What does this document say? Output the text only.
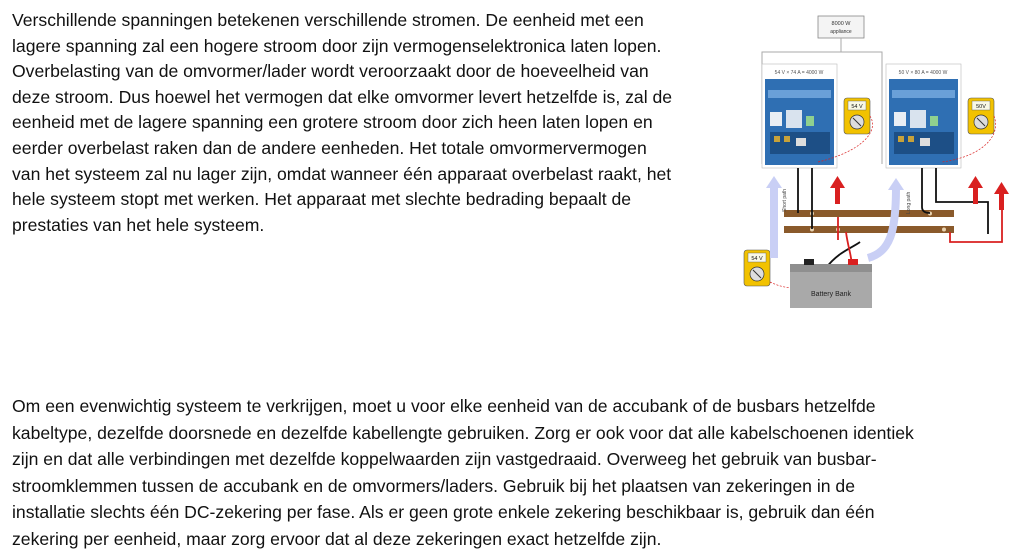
Verschillende spanningen betekenen verschillende stromen. De eenheid met een
lagere spanning zal een hogere stroom door zijn vermogenselektronica laten lopen.
Overbelasting van de omvormer/lader wordt veroorzaakt door de hoeveelheid van
deze stroom. Dus hoewel het vermogen dat elke omvormer levert hetzelfde is, zal de
eenheid met de lagere spanning een grotere stroom door zich heen laten lopen en
eerder overbelast raken dan de andere eenheden. Het totale omvormervermogen
van het systeem zal nu lager zijn, omdat wanneer één apparaat overbelast raakt, het
hele systeem stopt met werken. Het apparaat met slechte bedrading bepaalt de
prestaties van het hele systeem.
8000 W
appliance
54 V × 74 A = 4000 W	50 V × 80 A = 4000 W
54 V	50V
54 V
Short path	Long path
Battery Bank
Om een evenwichtig systeem te verkrijgen, moet u voor elke eenheid van de accubank of de busbars hetzelfde
kabeltype, dezelfde doorsnede en dezelfde kabellengte gebruiken. Zorg er ook voor dat alle kabelschoenen identiek
zijn en dat alle verbindingen met dezelfde koppelwaarden zijn vastgedraaid. Overweeg het gebruik van busbar-
stroomklemmen tussen de accubank en de omvormers/laders. Gebruik bij het plaatsen van zekeringen in de
installatie slechts één DC-zekering per fase. Als er geen grote enkele zekering beschikbaar is, gebruik dan één
zekering per eenheid, maar zorg ervoor dat al deze zekeringen exact hetzelfde zijn.
